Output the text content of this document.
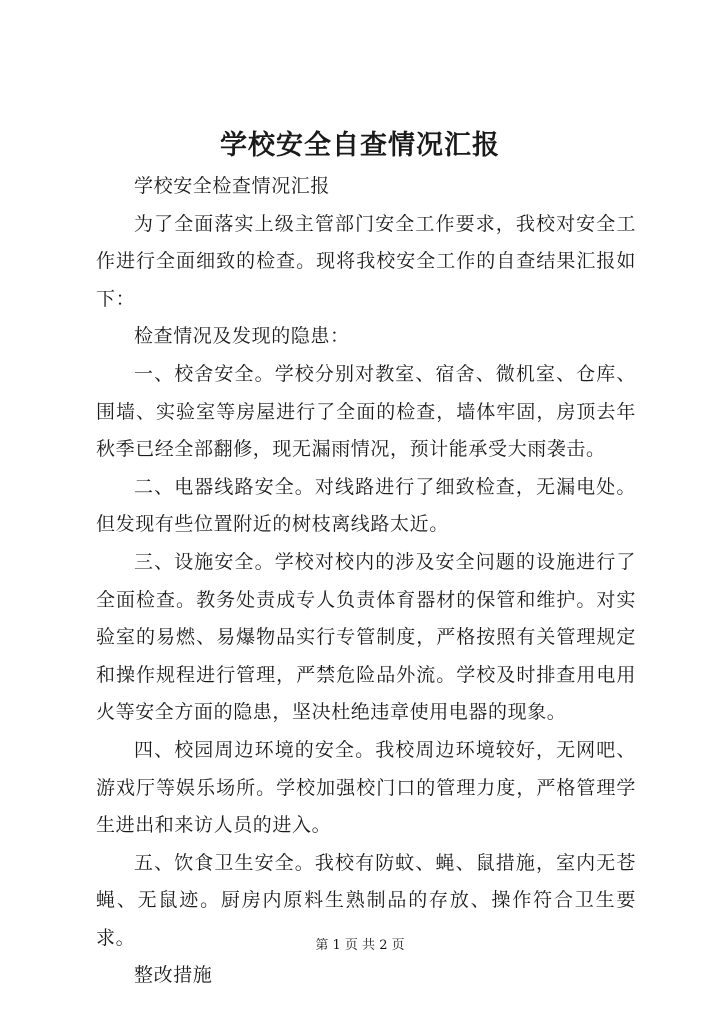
学校安全自查情况汇报

学校安全检查情况汇报

为了全面落实上级主管部门安全工作要求，我校对安全工作进行全面细致的检查。现将我校安全工作的自查结果汇报如下：

检查情况及发现的隐患：

一、校舍安全。学校分别对教室、宿舍、微机室、仓库、围墙、实验室等房屋进行了全面的检查，墙体牢固，房顶去年秋季已经全部翻修，现无漏雨情况，预计能承受大雨袭击。

二、电器线路安全。对线路进行了细致检查，无漏电处。但发现有些位置附近的树枝离线路太近。

三、设施安全。学校对校内的涉及安全问题的设施进行了全面检查。教务处责成专人负责体育器材的保管和维护。对实验室的易燃、易爆物品实行专管制度，严格按照有关管理规定和操作规程进行管理，严禁危险品外流。学校及时排查用电用火等安全方面的隐患，坚决杜绝违章使用电器的现象。

四、校园周边环境的安全。我校周边环境较好，无网吧、游戏厅等娱乐场所。学校加强校门口的管理力度，严格管理学生进出和来访人员的进入。

五、饮食卫生安全。我校有防蚊、蝇、鼠措施，室内无苍蝇、无鼠迹。厨房内原料生熟制品的存放、操作符合卫生要求。

整改措施

第 1 页 共 2 页
